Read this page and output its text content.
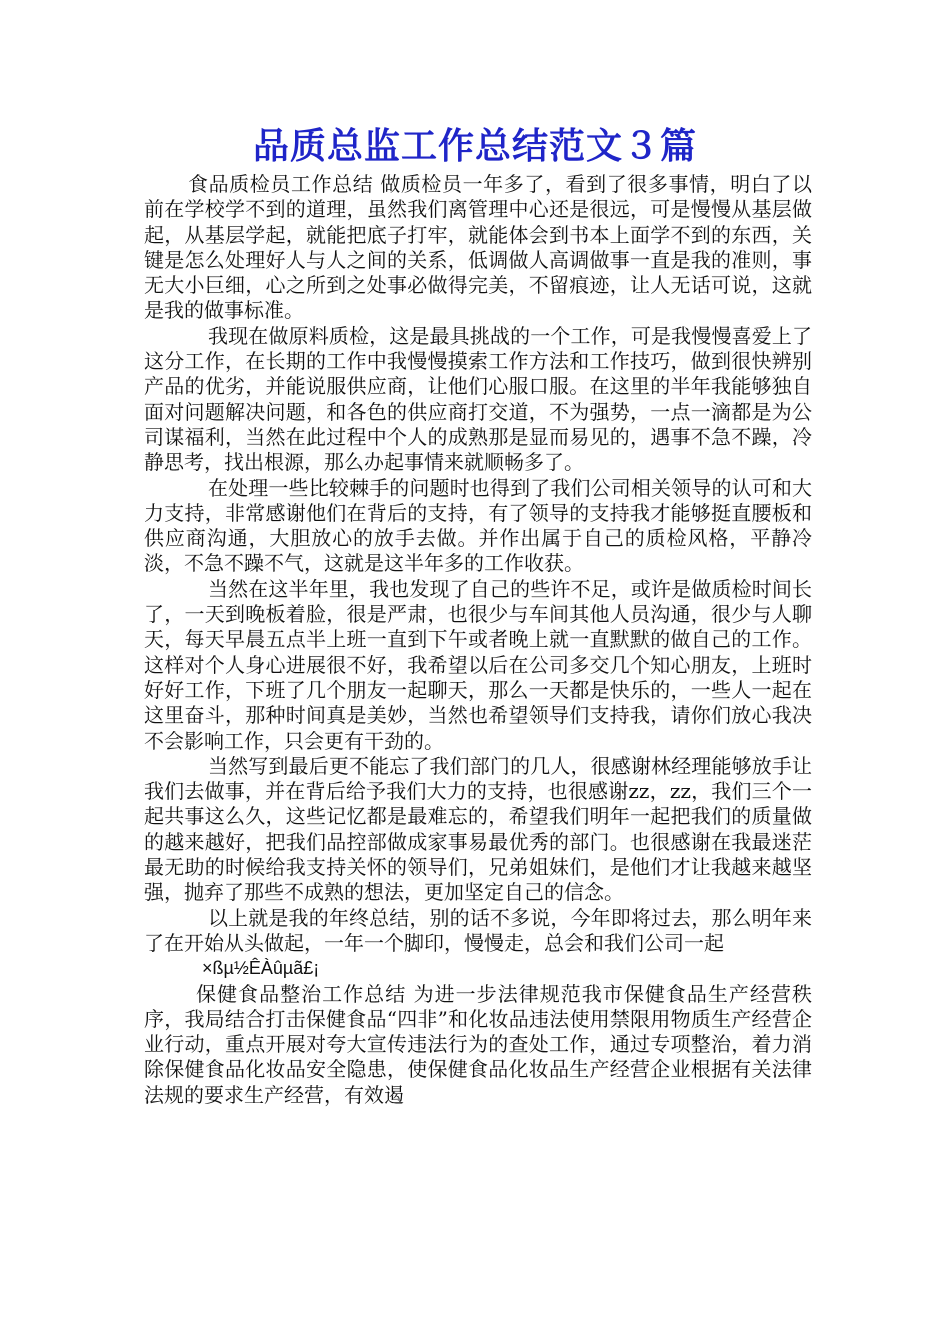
品质总监工作总结范文３篇

食品质检员工作总结 做质检员一年多了，看到了很多事情，明白了以前在学校学不到的道理，虽然我们离管理中心还是很远，可是慢慢从基层做起，从基层学起，就能把底子打牢，就能体会到书本上面学不到的东西，关键是怎么处理好人与人之间的关系，低调做人高调做事一直是我的准则，事无大小巨细，心之所到之处事必做得完美，不留痕迹，让人无话可说，这就是我的做事标准。

我现在做原料质检，这是最具挑战的一个工作，可是我慢慢喜爱上了这分工作，在长期的工作中我慢慢摸索工作方法和工作技巧，做到很快辨别产品的优劣，并能说服供应商，让他们心服口服。在这里的半年我能够独自面对问题解决问题，和各色的供应商打交道，不为强势，一点一滴都是为公司谋福利，当然在此过程中个人的成熟那是显而易见的，遇事不急不躁，冷静思考，找出根源，那么办起事情来就顺畅多了。

在处理一些比较棘手的问题时也得到了我们公司相关领导的认可和大力支持，非常感谢他们在背后的支持，有了领导的支持我才能够挺直腰板和供应商沟通，大胆放心的放手去做。并作出属于自己的质检风格，平静冷淡，不急不躁不气，这就是这半年多的工作收获。

当然在这半年里，我也发现了自己的些许不足，或许是做质检时间长了，一天到晚板着脸，很是严肃，也很少与车间其他人员沟通，很少与人聊天，每天早晨五点半上班一直到下午或者晚上就一直默默的做自己的工作。这样对个人身心进展很不好，我希望以后在公司多交几个知心朋友，上班时好好工作，下班了几个朋友一起聊天，那么一天都是快乐的，一些人一起在这里奋斗，那种时间真是美妙，当然也希望领导们支持我，请你们放心我决不会影响工作，只会更有干劲的。

当然写到最后更不能忘了我们部门的几人，很感谢林经理能够放手让我们去做事，并在背后给予我们大力的支持，也很感谢zz，zz，我们三个一起共事这么久，这些记忆都是最难忘的，希望我们明年一起把我们的质量做的越来越好，把我们品控部做成家事易最优秀的部门。也很感谢在我最迷茫最无助的时候给我支持关怀的领导们，兄弟姐妹们，是他们才让我越来越坚强，抛弃了那些不成熟的想法，更加坚定自己的信念。

以上就是我的年终总结，别的话不多说，今年即将过去，那么明年来了在开始从头做起，一年一个脚印，慢慢走，总会和我们公司一起

×ßµ½ÊÀûµã£¡

保健食品整治工作总结 为进一步法律规范我市保健食品生产经营秩序，我局结合打击保健食品“四非”和化妆品违法使用禁限用物质生产经营企业行动，重点开展对夸大宣传违法行为的查处工作，通过专项整治，着力消除保健食品化妆品安全隐患，使保健食品化妆品生产经营企业根据有关法律法规的要求生产经营，有效遏
